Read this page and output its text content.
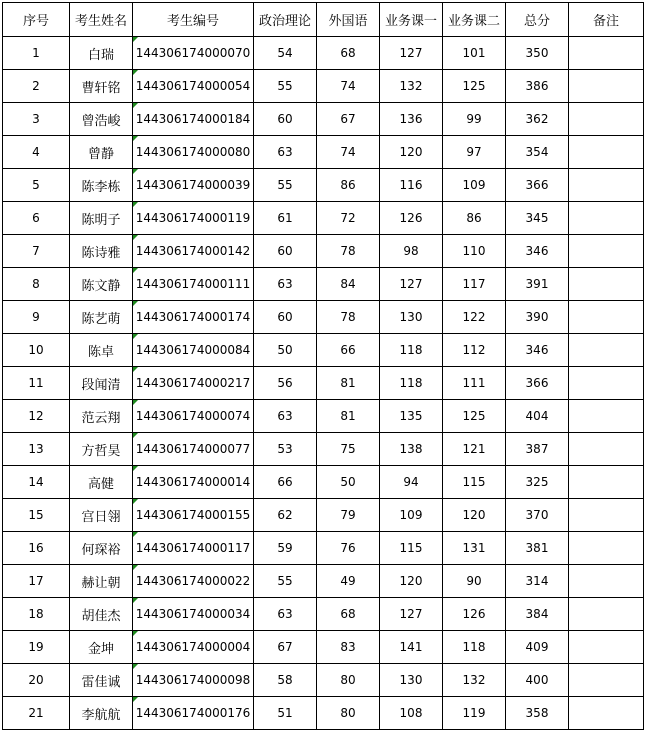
序号	考生姓名	考生编号	政治理论	外国语	业务课一	业务课二	总分	备注
1	白瑞	144306174000070	54	68	127	101	350	
2	曹轩铭	144306174000054	55	74	132	125	386	
3	曾浩峻	144306174000184	60	67	136	99	362	
4	曾静	144306174000080	63	74	120	97	354	
5	陈李栋	144306174000039	55	86	116	109	366	
6	陈明子	144306174000119	61	72	126	86	345	
7	陈诗雅	144306174000142	60	78	98	110	346	
8	陈文静	144306174000111	63	84	127	117	391	
9	陈艺萌	144306174000174	60	78	130	122	390	
10	陈卓	144306174000084	50	66	118	112	346	
11	段闻清	144306174000217	56	81	118	111	366	
12	范云翔	144306174000074	63	81	135	125	404	
13	方哲昊	144306174000077	53	75	138	121	387	
14	高健	144306174000014	66	50	94	115	325	
15	宫日翎	144306174000155	62	79	109	120	370	
16	何琛裕	144306174000117	59	76	115	131	381	
17	赫让朝	144306174000022	55	49	120	90	314	
18	胡佳杰	144306174000034	63	68	127	126	384	
19	金坤	144306174000004	67	83	141	118	409	
20	雷佳诚	144306174000098	58	80	130	132	400	
21	李航航	144306174000176	51	80	108	119	358	
